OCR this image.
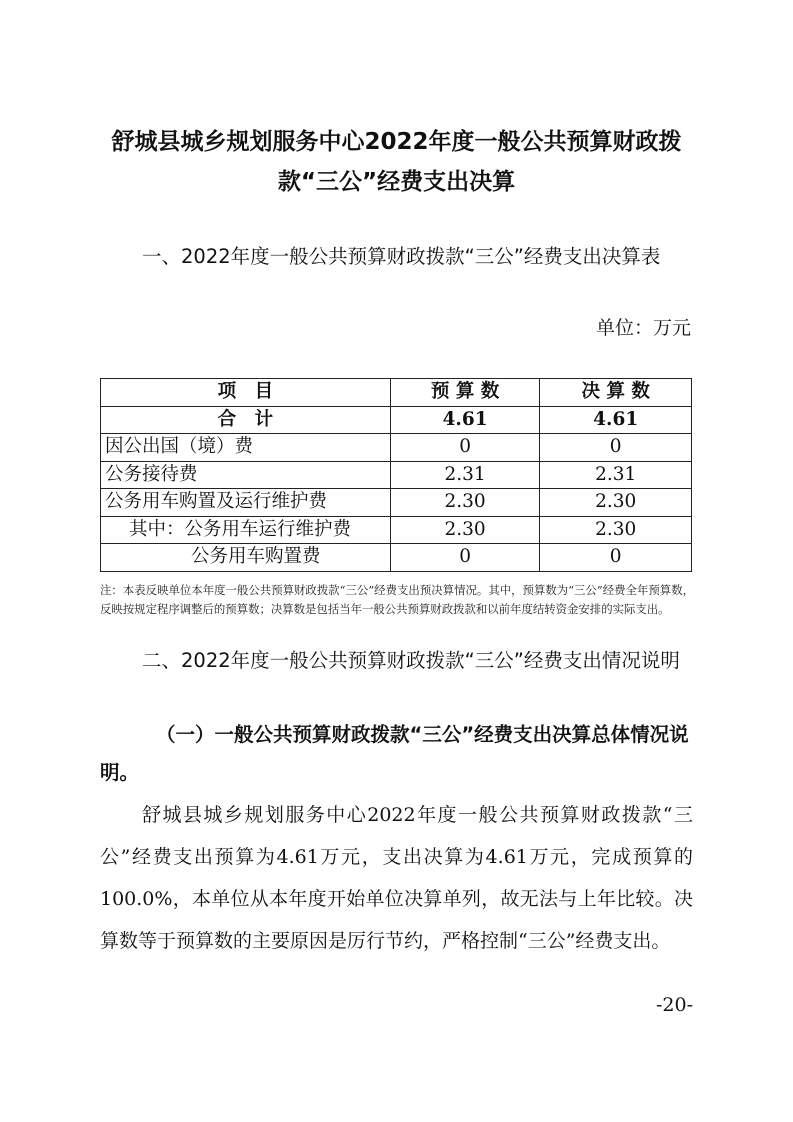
舒城县城乡规划服务中心2022年度一般公共预算财政拨款“三公”经费支出决算
一、2022年度一般公共预算财政拨款“三公”经费支出决算表
单位：万元
项　目	预 算 数	决 算 数
合　计	4.61	4.61
因公出国（境）费	0	0
公务接待费	2.31	2.31
公务用车购置及运行维护费	2.30	2.30
其中：公务用车运行维护费	2.30	2.30
公务用车购置费	0	0
注：本表反映单位本年度一般公共预算财政拨款“三公”经费支出预决算情况。其中，预算数为“三公”经费全年预算数，反映按规定程序调整后的预算数；决算数是包括当年一般公共预算财政拨款和以前年度结转资金安排的实际支出。
二、2022年度一般公共预算财政拨款“三公”经费支出情况说明
（一）一般公共预算财政拨款“三公”经费支出决算总体情况说明。
舒城县城乡规划服务中心2022年度一般公共预算财政拨款“三公”经费支出预算为4.61万元，支出决算为4.61万元，完成预算的100.0%，本单位从本年度开始单位决算单列，故无法与上年比较。决算数等于预算数的主要原因是厉行节约，严格控制“三公”经费支出。
-20-
